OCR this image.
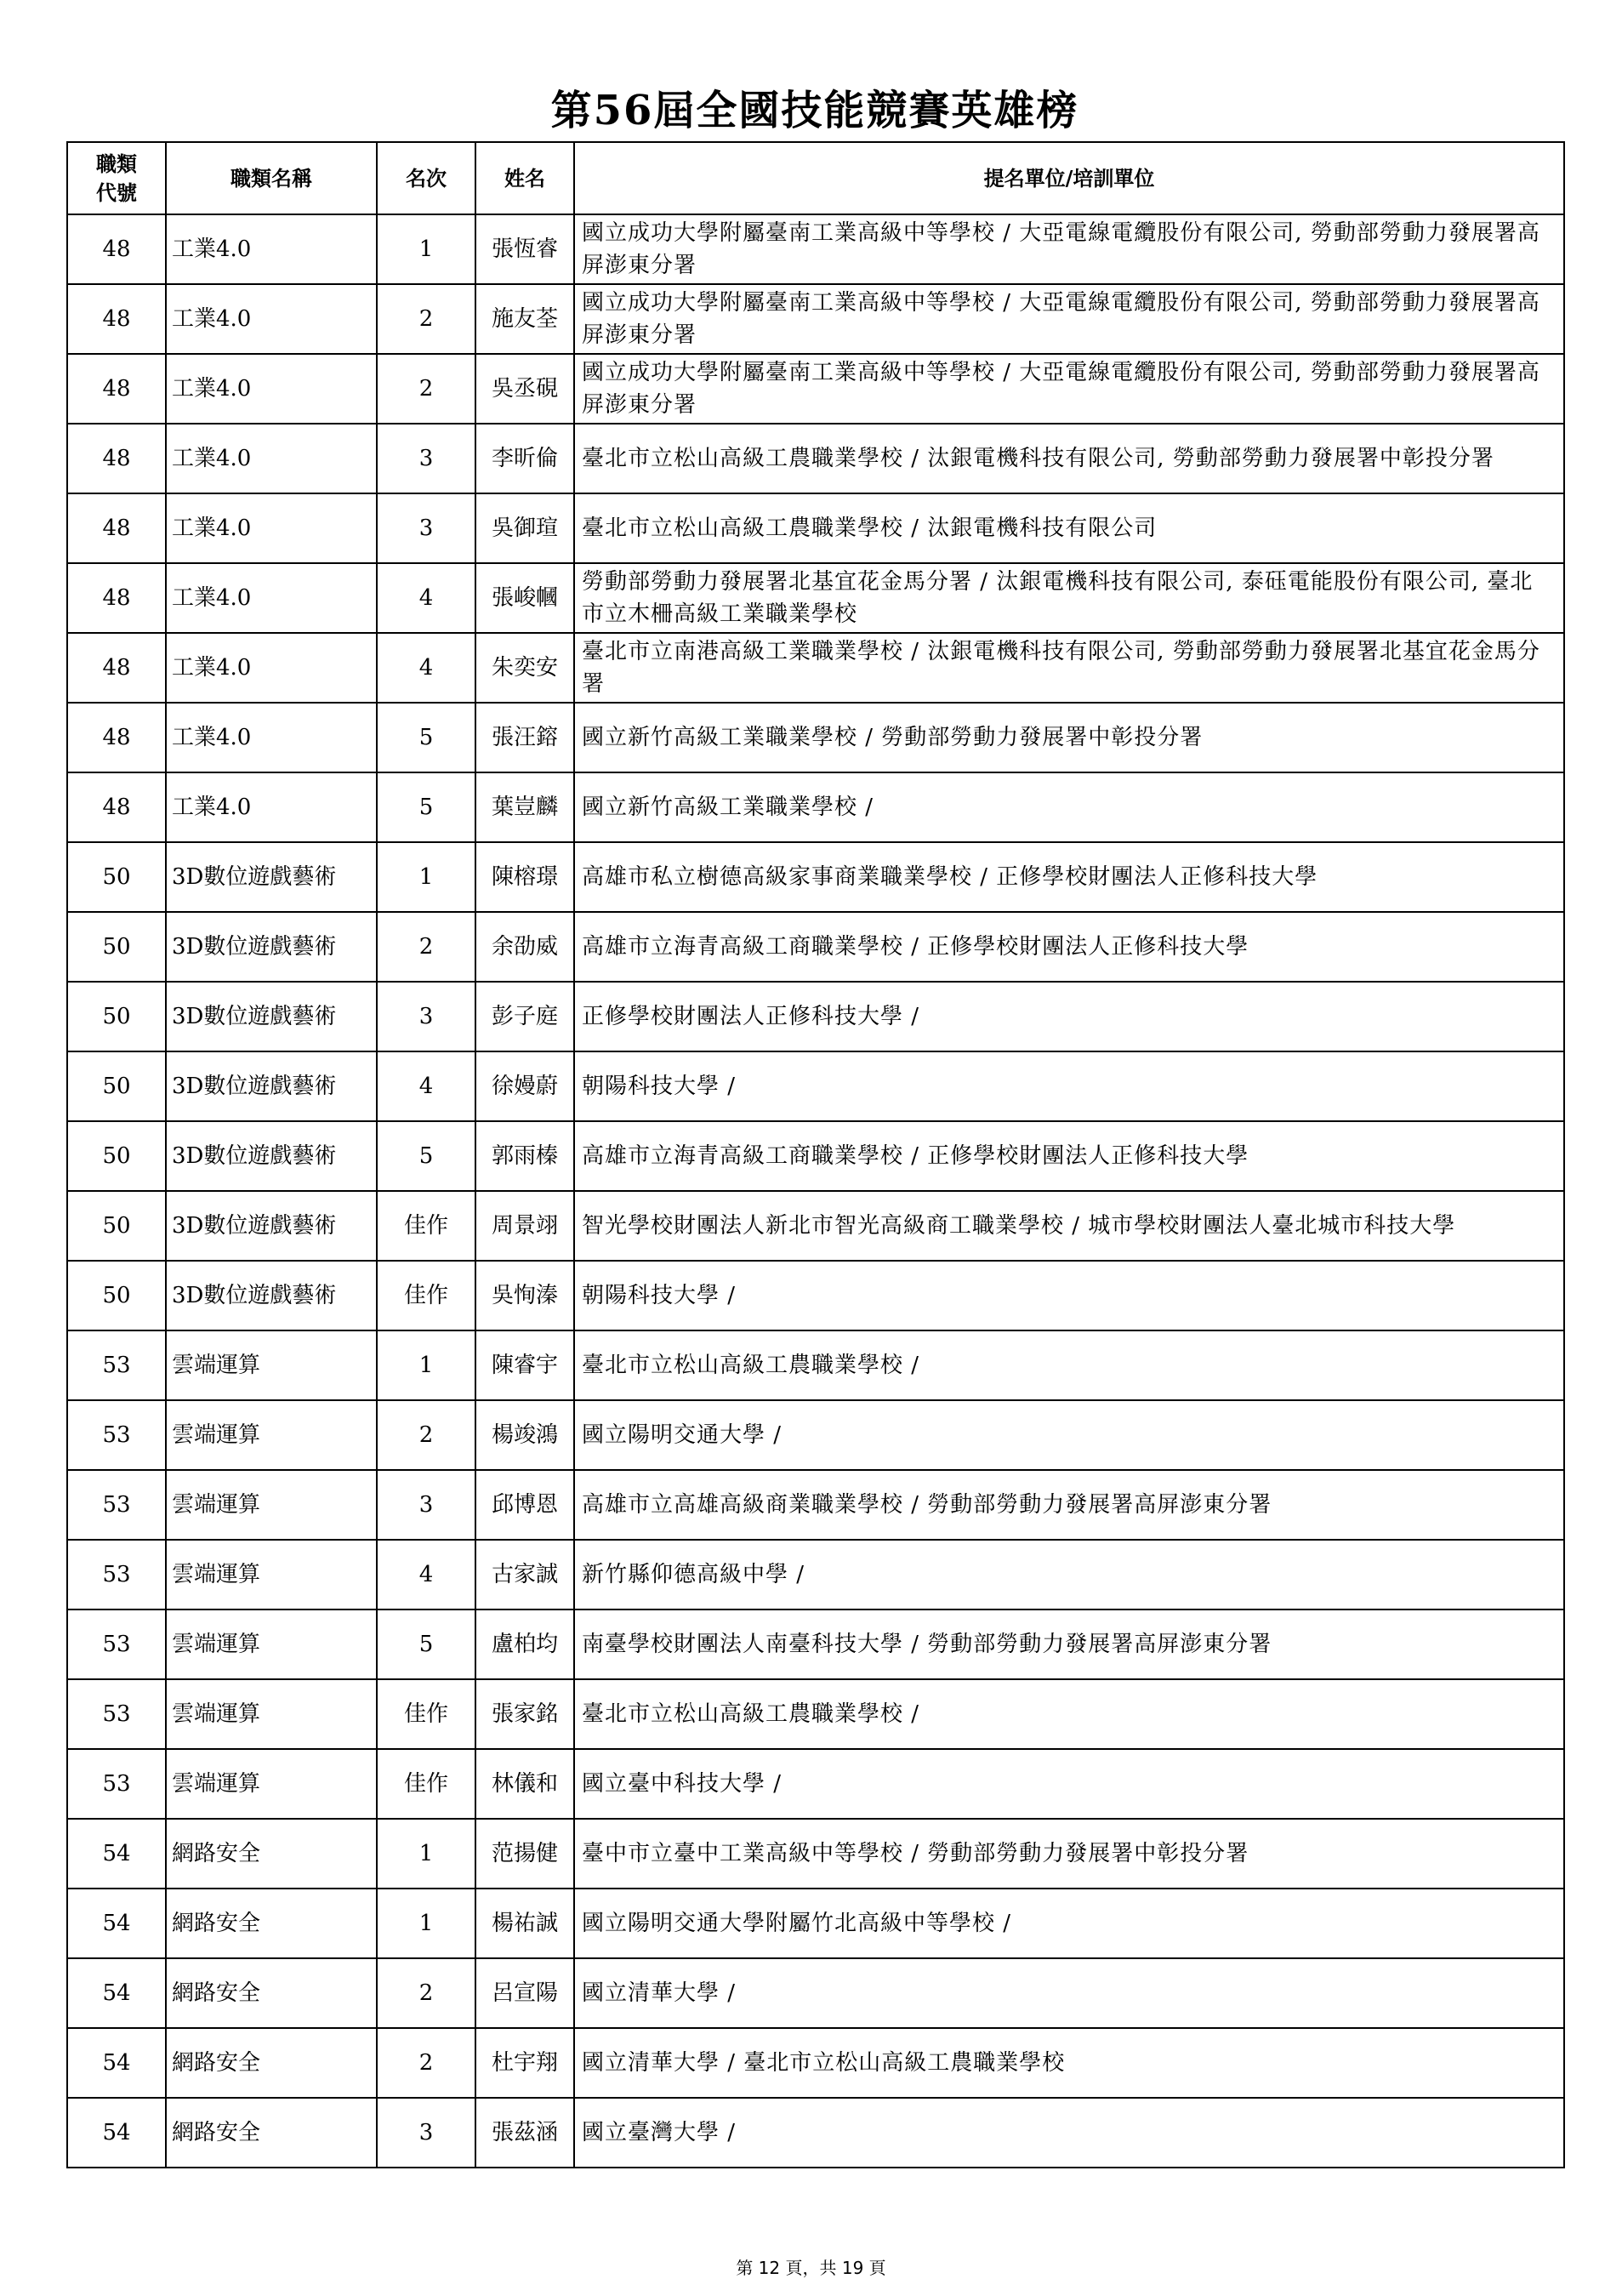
第56屆全國技能競賽英雄榜
職類
代號	職類名稱	名次	姓名	提名單位/培訓單位
48	工業4.0	1	張恆睿	國立成功大學附屬臺南工業高級中等學校 / 大亞電線電纜股份有限公司, 勞動部勞動力發展署高屏澎東分署
48	工業4.0	2	施友荃	國立成功大學附屬臺南工業高級中等學校 / 大亞電線電纜股份有限公司, 勞動部勞動力發展署高屏澎東分署
48	工業4.0	2	吳丞硯	國立成功大學附屬臺南工業高級中等學校 / 大亞電線電纜股份有限公司, 勞動部勞動力發展署高屏澎東分署
48	工業4.0	3	李昕倫	臺北市立松山高級工農職業學校 / 汰銀電機科技有限公司, 勞動部勞動力發展署中彰投分署
48	工業4.0	3	吳御瑄	臺北市立松山高級工農職業學校 / 汰銀電機科技有限公司
48	工業4.0	4	張峻幗	勞動部勞動力發展署北基宜花金馬分署 / 汰銀電機科技有限公司, 泰砡電能股份有限公司, 臺北市立木柵高級工業職業學校
48	工業4.0	4	朱奕安	臺北市立南港高級工業職業學校 / 汰銀電機科技有限公司, 勞動部勞動力發展署北基宜花金馬分署
48	工業4.0	5	張汪鎔	國立新竹高級工業職業學校 / 勞動部勞動力發展署中彰投分署
48	工業4.0	5	葉豈麟	國立新竹高級工業職業學校 /
50	3D數位遊戲藝術	1	陳榕璟	高雄市私立樹德高級家事商業職業學校 / 正修學校財團法人正修科技大學
50	3D數位遊戲藝術	2	余劭威	高雄市立海青高級工商職業學校 / 正修學校財團法人正修科技大學
50	3D數位遊戲藝術	3	彭子庭	正修學校財團法人正修科技大學 /
50	3D數位遊戲藝術	4	徐嫚蔚	朝陽科技大學 /
50	3D數位遊戲藝術	5	郭雨榛	高雄市立海青高級工商職業學校 / 正修學校財團法人正修科技大學
50	3D數位遊戲藝術	佳作	周景翊	智光學校財團法人新北市智光高級商工職業學校 / 城市學校財團法人臺北城市科技大學
50	3D數位遊戲藝術	佳作	吳恂溱	朝陽科技大學 /
53	雲端運算	1	陳睿宇	臺北市立松山高級工農職業學校 /
53	雲端運算	2	楊竣鴻	國立陽明交通大學 /
53	雲端運算	3	邱博恩	高雄市立高雄高級商業職業學校 / 勞動部勞動力發展署高屏澎東分署
53	雲端運算	4	古家誠	新竹縣仰德高級中學 /
53	雲端運算	5	盧柏均	南臺學校財團法人南臺科技大學 / 勞動部勞動力發展署高屏澎東分署
53	雲端運算	佳作	張家銘	臺北市立松山高級工農職業學校 /
53	雲端運算	佳作	林儀和	國立臺中科技大學 /
54	網路安全	1	范揚健	臺中市立臺中工業高級中等學校 / 勞動部勞動力發展署中彰投分署
54	網路安全	1	楊祐誠	國立陽明交通大學附屬竹北高級中等學校 /
54	網路安全	2	呂宣陽	國立清華大學 /
54	網路安全	2	杜宇翔	國立清華大學 / 臺北市立松山高級工農職業學校
54	網路安全	3	張茲涵	國立臺灣大學 /
第 12 頁，共 19 頁
